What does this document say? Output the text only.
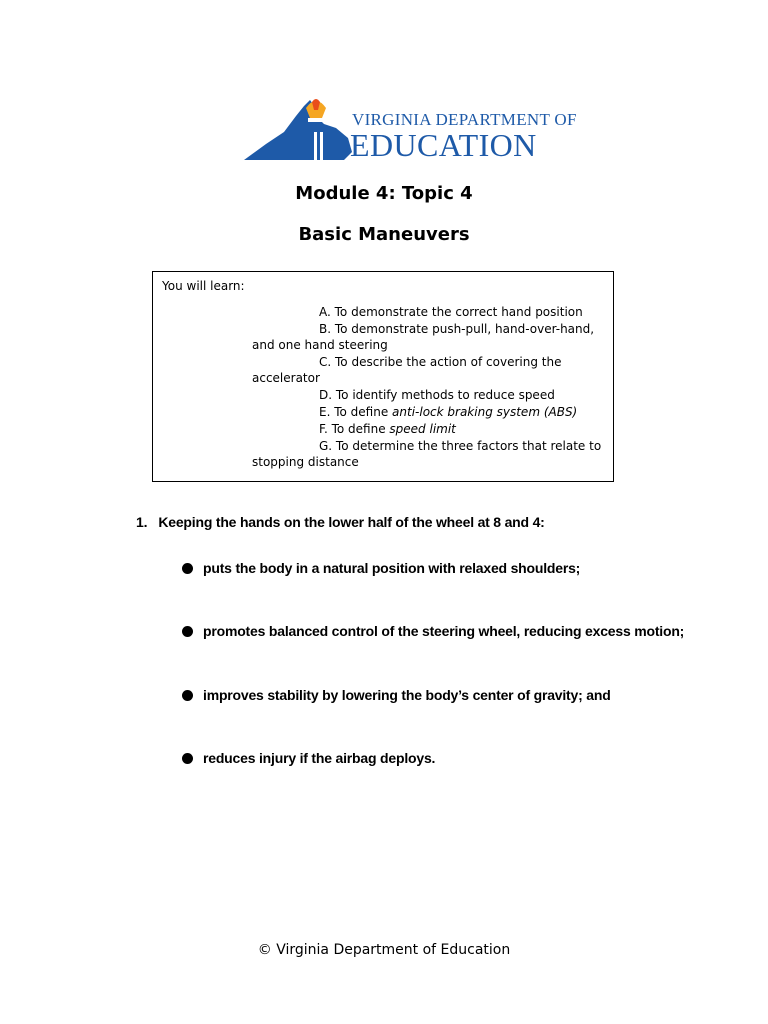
VIRGINIA DEPARTMENT OF
EDUCATION
Module 4: Topic 4
Basic Maneuvers
You will learn:
A. To demonstrate the correct hand position
B. To demonstrate push-pull, hand-over-hand,
and one hand steering
C. To describe the action of covering the
accelerator
D. To identify methods to reduce speed
E. To define anti-lock braking system (ABS)
F. To define speed limit
G. To determine the three factors that relate to
stopping distance
1.   Keeping the hands on the lower half of the wheel at 8 and 4:
puts the body in a natural position with relaxed shoulders;
promotes balanced control of the steering wheel, reducing excess motion;
improves stability by lowering the body’s center of gravity; and
reduces injury if the airbag deploys.
© Virginia Department of Education
